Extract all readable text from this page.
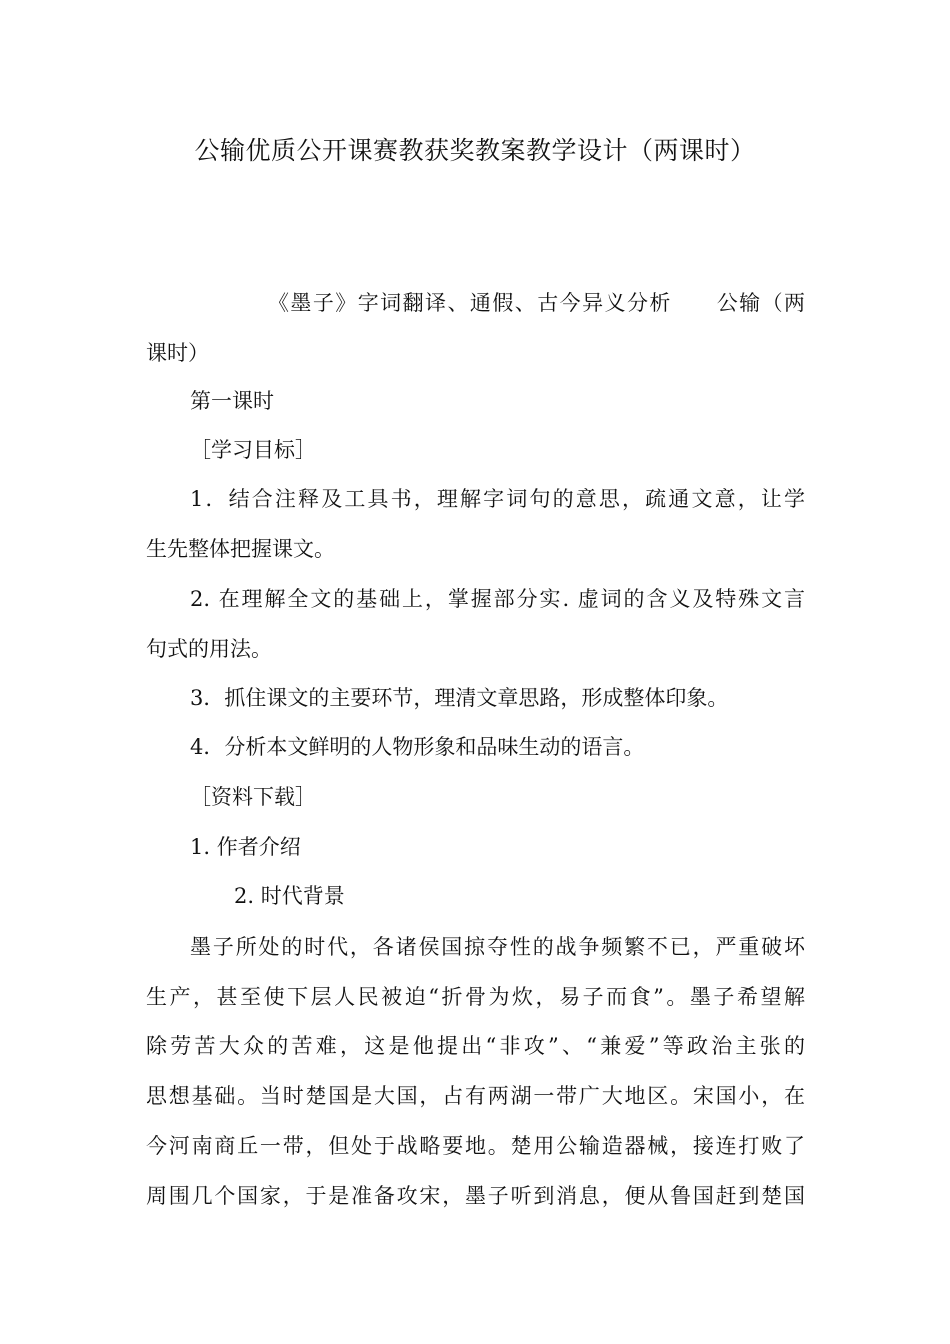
公输优质公开课赛教获奖教案教学设计（两课时）
《墨子》字词翻译、通假、古今异义分析　　公输（两
课时）
第一课时
［学习目标］
1．结合注释及工具书，理解字词句的意思，疏通文意，让学
生先整体把握课文。
2. 在理解全文的基础上，掌握部分实. 虚词的含义及特殊文言
句式的用法。
3．抓住课文的主要环节，理清文章思路，形成整体印象。
4．分析本文鲜明的人物形象和品味生动的语言。
［资料下载］
1. 作者介绍
2. 时代背景
墨子所处的时代，各诸侯国掠夺性的战争频繁不已，严重破坏
生产，甚至使下层人民被迫“折骨为炊，易子而食”。墨子希望解
除劳苦大众的苦难，这是他提出“非攻”、“兼爱”等政治主张的
思想基础。当时楚国是大国，占有两湖一带广大地区。宋国小，在
今河南商丘一带，但处于战略要地。楚用公输造器械，接连打败了
周围几个国家，于是准备攻宋，墨子听到消息，便从鲁国赶到楚国
